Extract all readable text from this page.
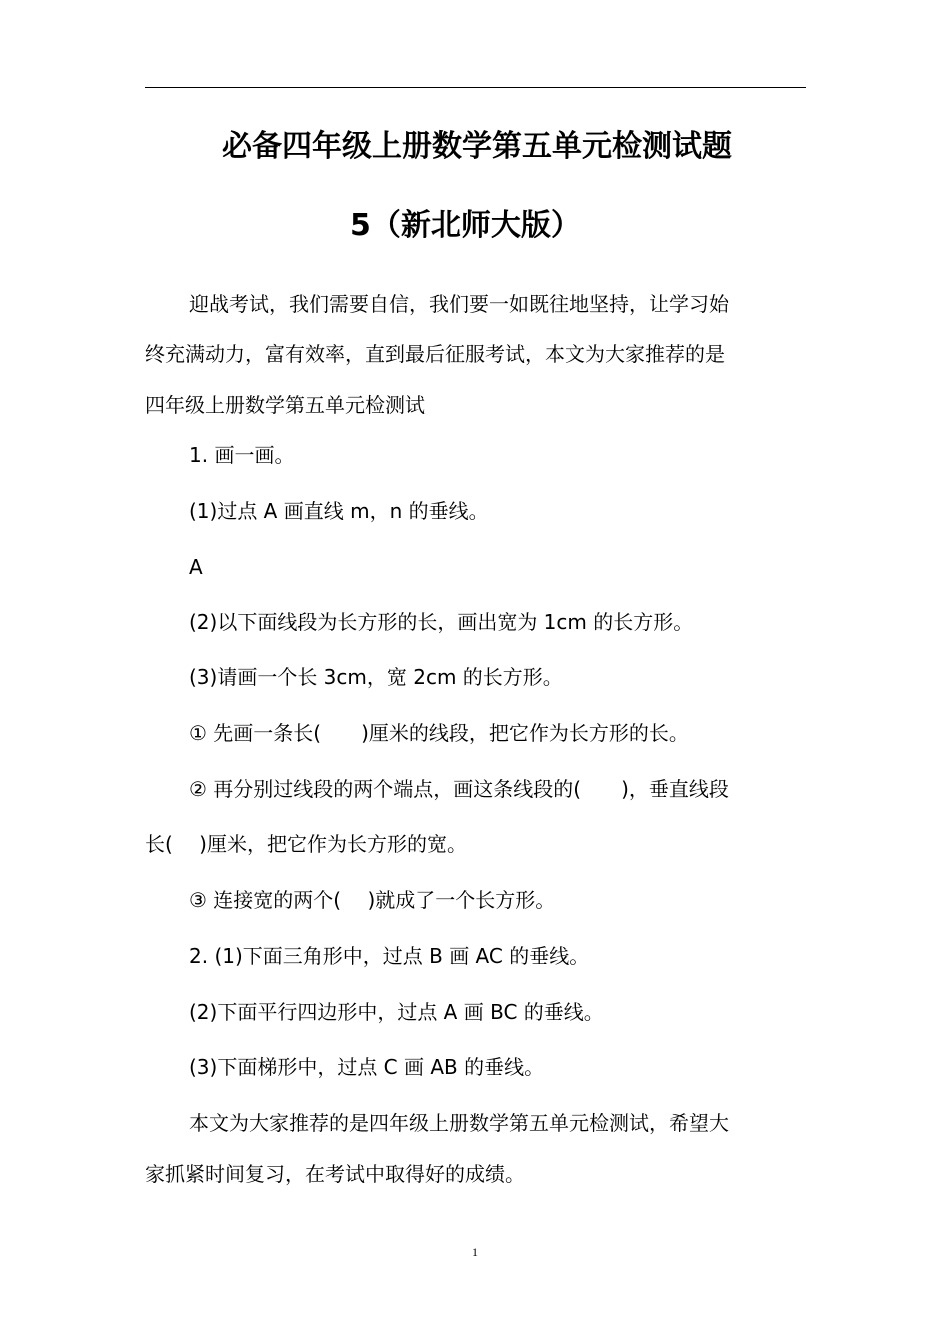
必备四年级上册数学第五单元检测试题
5（新北师大版）
迎战考试，我们需要自信，我们要一如既往地坚持，让学习始
终充满动力，富有效率，直到最后征服考试，本文为大家推荐的是
四年级上册数学第五单元检测试
1. 画一画。
(1)过点 A 画直线 m，n 的垂线。
A
(2)以下面线段为长方形的长，画出宽为 1cm 的长方形。
(3)请画一个长 3cm，宽 2cm 的长方形。
① 先画一条长(　　)厘米的线段，把它作为长方形的长。
② 再分别过线段的两个端点，画这条线段的(　　)，垂直线段
长(　 )厘米，把它作为长方形的宽。
③ 连接宽的两个(　 )就成了一个长方形。
2. (1)下面三角形中，过点 B 画 AC 的垂线。
(2)下面平行四边形中，过点 A 画 BC 的垂线。
(3)下面梯形中，过点 C 画 AB 的垂线。
本文为大家推荐的是四年级上册数学第五单元检测试，希望大
家抓紧时间复习，在考试中取得好的成绩。
1
